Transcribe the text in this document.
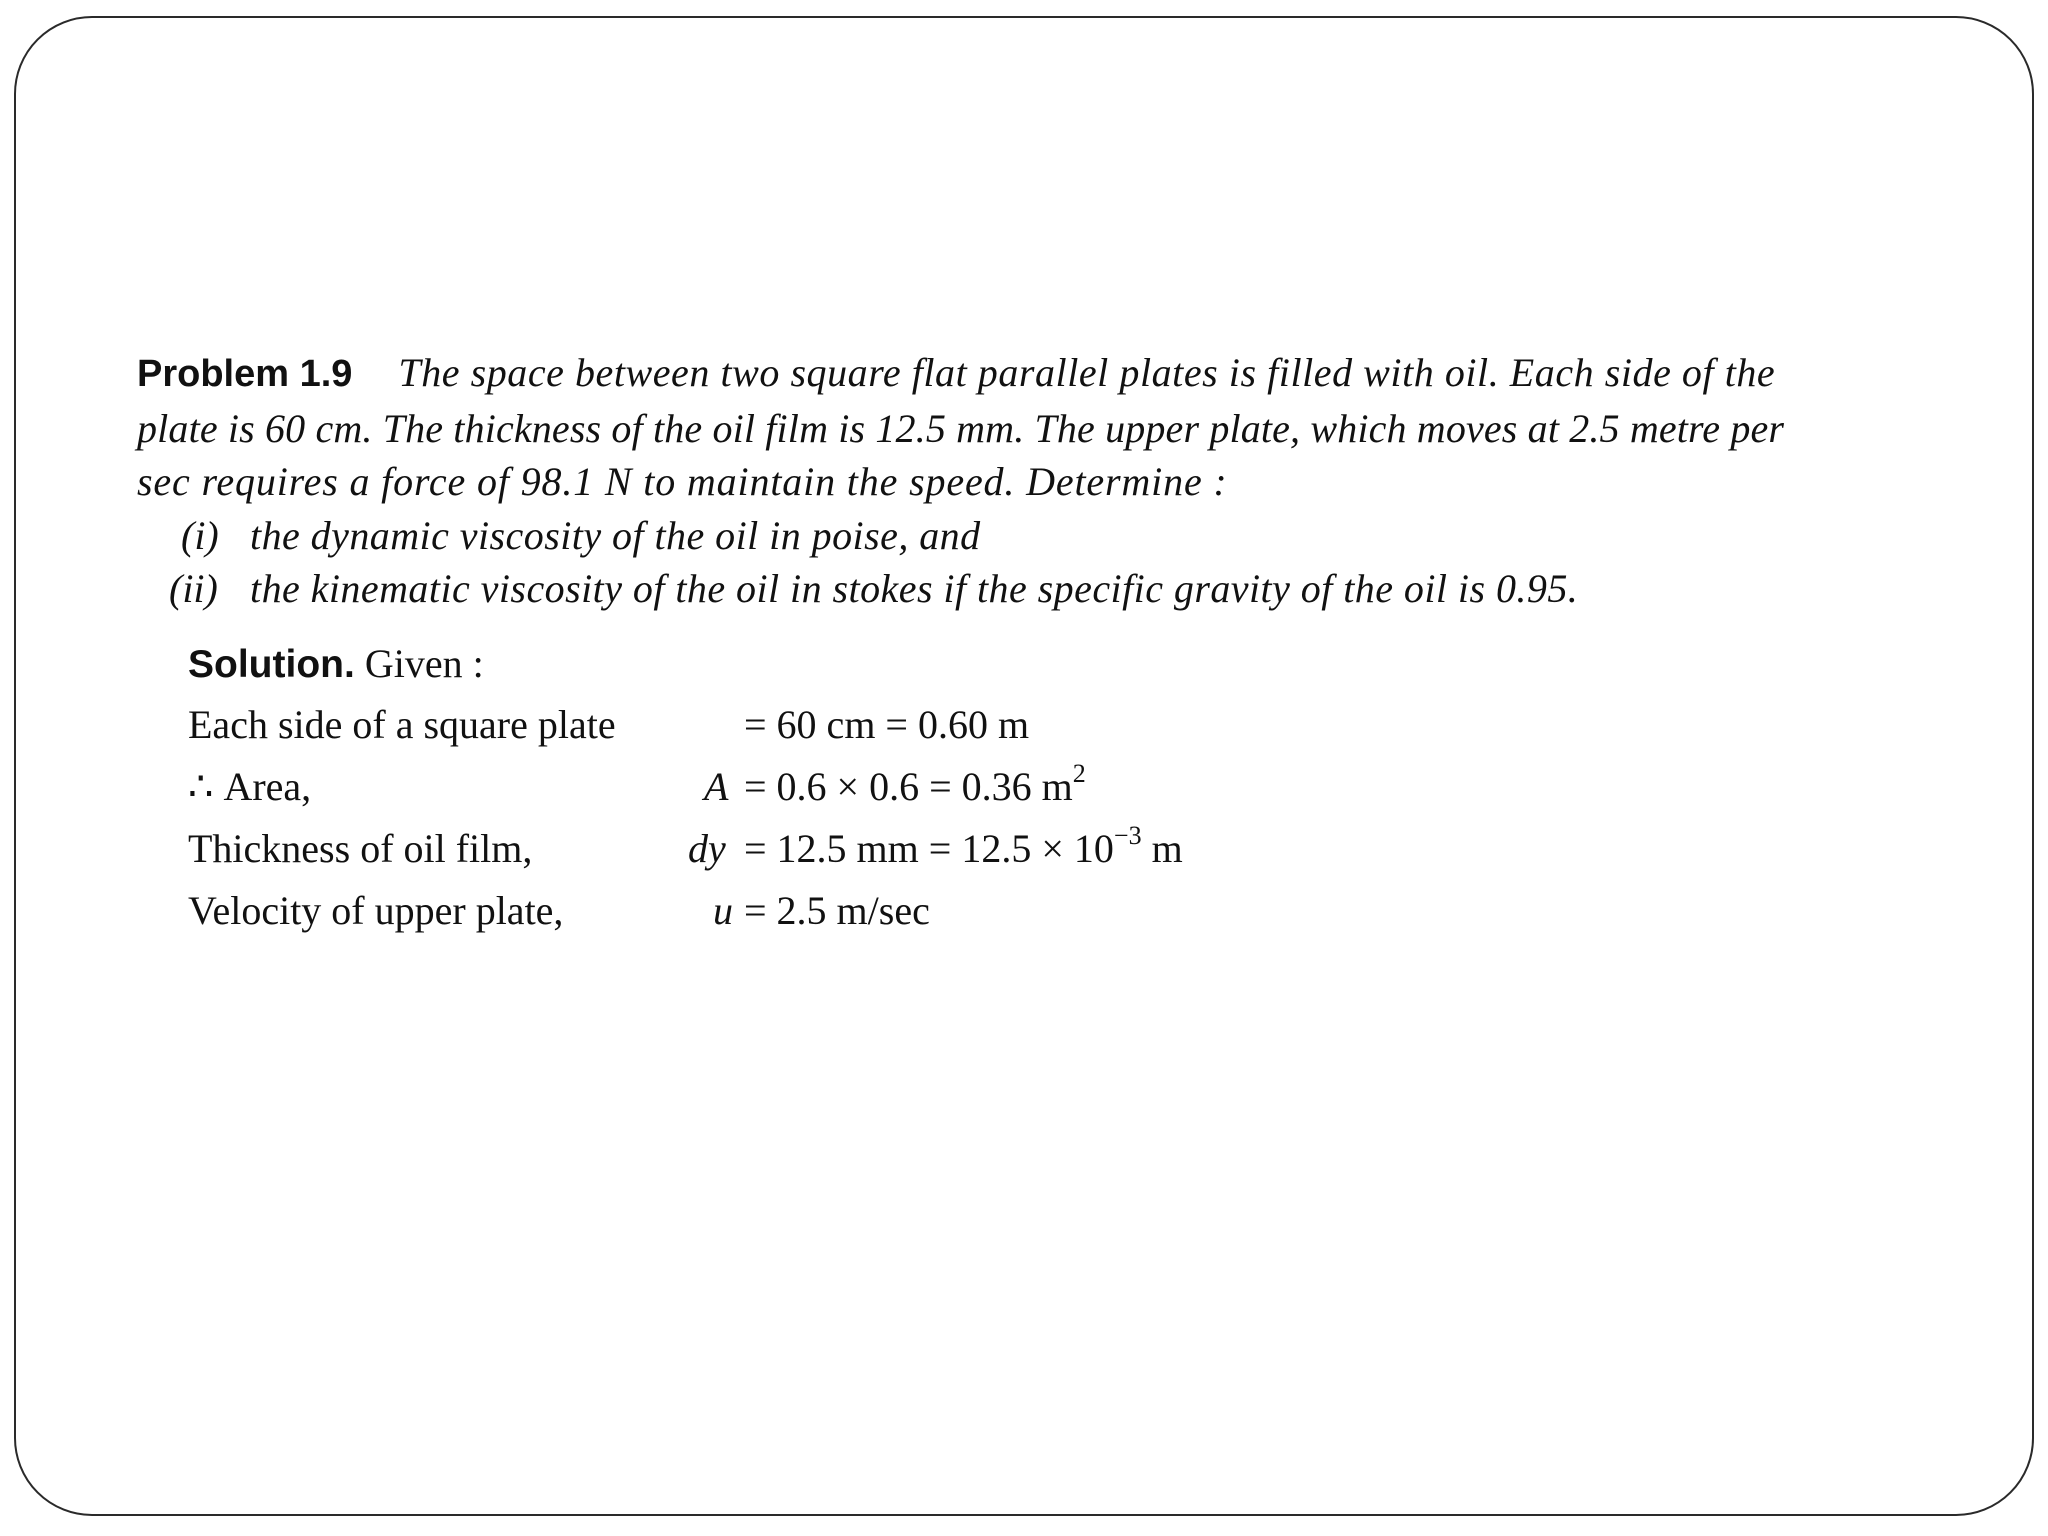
Problem 1.9 The space between two square flat parallel plates is filled with oil. Each side of the

plate is 60 cm. The thickness of the oil film is 12.5 mm. The upper plate, which moves at 2.5 metre per

sec requires a force of 98.1 N to maintain the speed. Determine :

(i) the dynamic viscosity of the oil in poise, and
(ii) the kinematic viscosity of the oil in stokes if the specific gravity of the oil is 0.95.
Solution. Given :
Each side of a square plate	= 60 cm = 0.60 m
∴ Area,	A = 0.6 × 0.6 = 0.36 $m^2$
Thickness of oil film,	dy = 12.5 mm = $12.5 \times 10^{-3}$ m
Velocity of upper plate,	u = 2.5 m/sec
